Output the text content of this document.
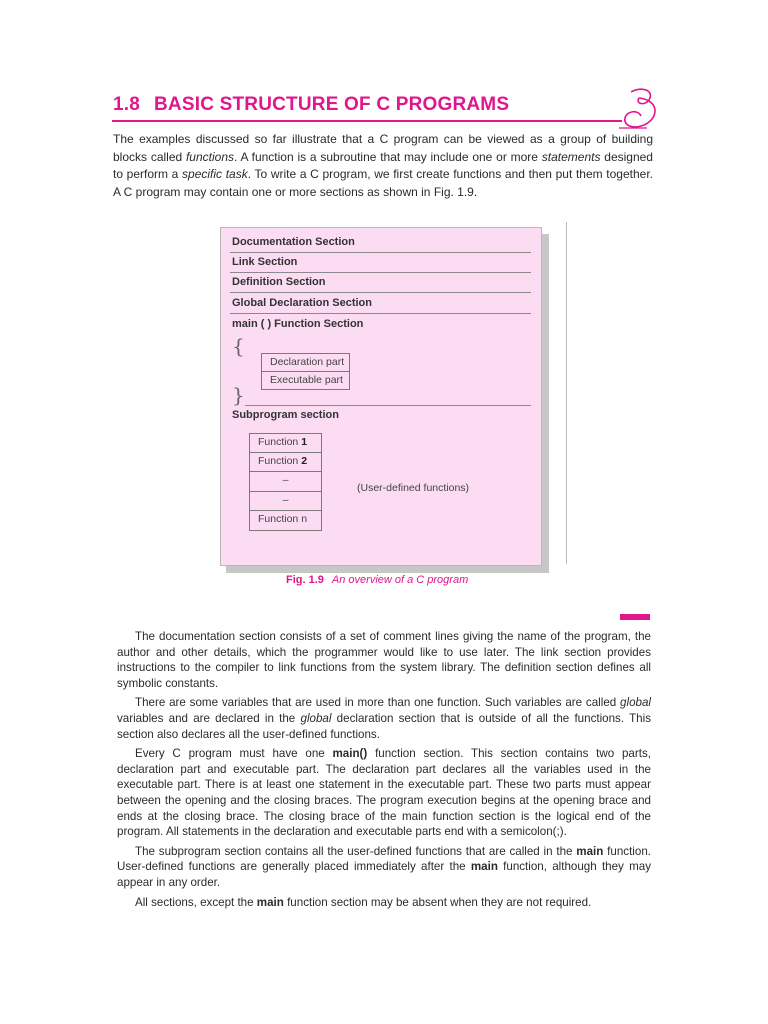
1.8 BASIC STRUCTURE OF C PROGRAMS

The examples discussed so far illustrate that a C program can be viewed as a group of building blocks called functions. A function is a subroutine that may include one or more statements designed to perform a specific task. To write a C program, we first create functions and then put them together. A C program may contain one or more sections as shown in Fig. 1.9.

Documentation Section
Link Section
Definition Section
Global Declaration Section
main ( ) Function Section
{
Declaration part
Executable part
}
Subprogram section
Function 1
Function 2
–
–
Function n
(User-defined functions)
Fig. 1.9 An overview of a C program

The documentation section consists of a set of comment lines giving the name of the program, the author and other details, which the programmer would like to use later. The link section provides instructions to the compiler to link functions from the system library. The definition section defines all symbolic constants.

There are some variables that are used in more than one function. Such variables are called global variables and are declared in the global declaration section that is outside of all the functions. This section also declares all the user-defined functions.

Every C program must have one main() function section. This section contains two parts, declaration part and executable part. The declaration part declares all the variables used in the executable part. There is at least one statement in the executable part. These two parts must appear between the opening and the closing braces. The program execution begins at the opening brace and ends at the closing brace. The closing brace of the main function section is the logical end of the program. All statements in the declaration and executable parts end with a semicolon(;).

The subprogram section contains all the user-defined functions that are called in the main function. User-defined functions are generally placed immediately after the main function, although they may appear in any order.

All sections, except the main function section may be absent when they are not required.
